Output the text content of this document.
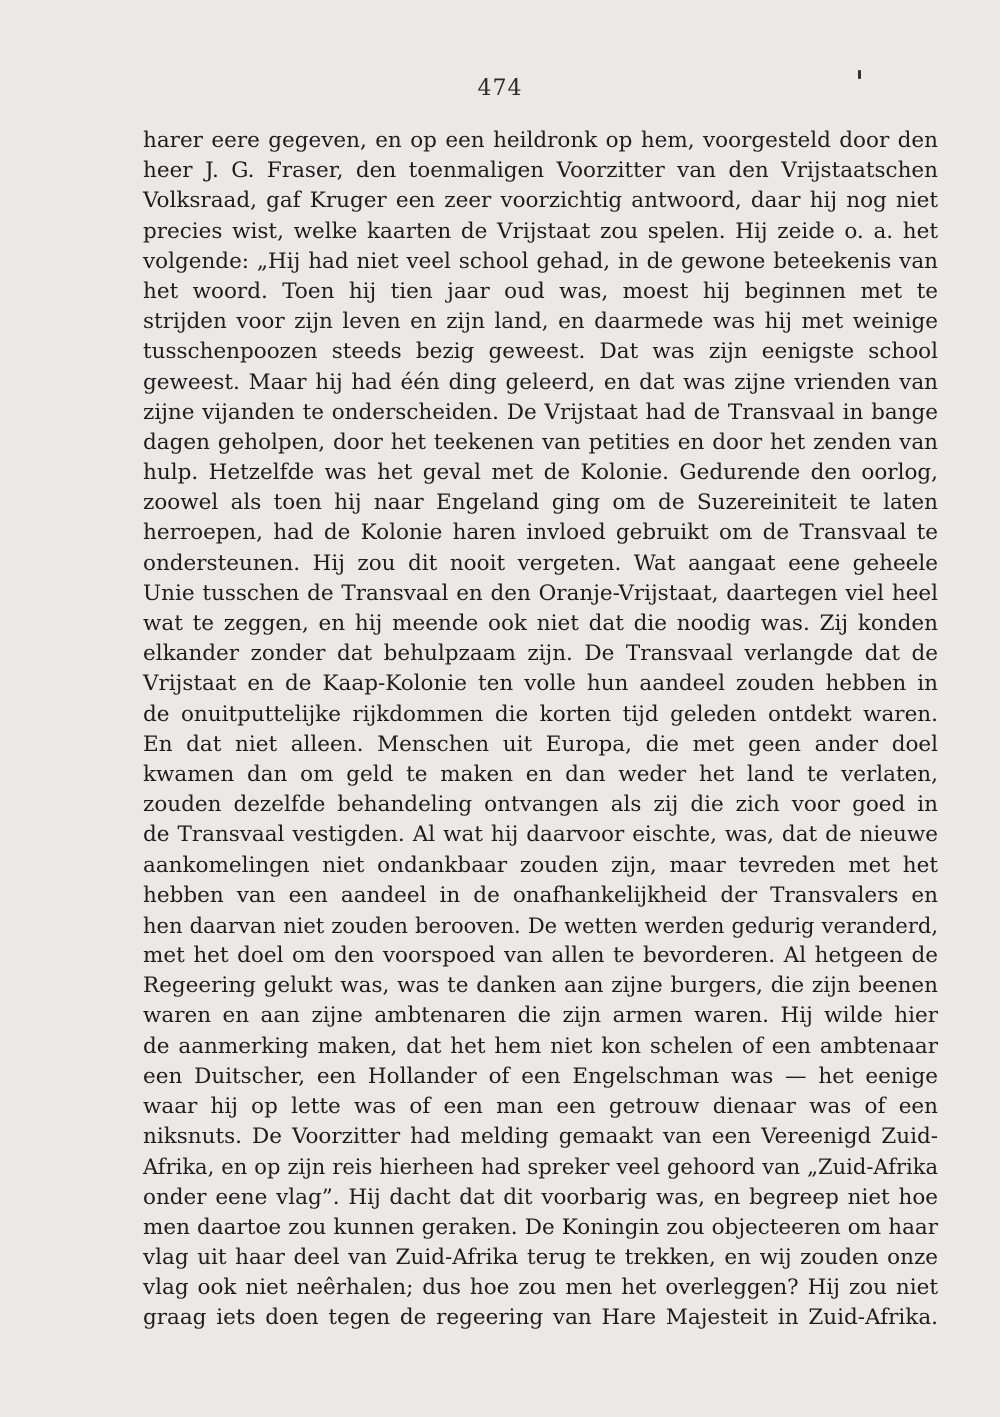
474
harer eere gegeven, en op een heildronk op hem, voorgesteld door den
heer J. G. Fraser, den toenmaligen Voorzitter van den Vrijstaatschen
Volksraad, gaf Kruger een zeer voorzichtig antwoord, daar hij nog niet
precies wist, welke kaarten de Vrijstaat zou spelen. Hij zeide o. a. het
volgende: „Hij had niet veel school gehad, in de gewone beteekenis van
het woord. Toen hij tien jaar oud was, moest hij beginnen met te
strijden voor zijn leven en zijn land, en daarmede was hij met weinige
tusschenpoozen steeds bezig geweest. Dat was zijn eenigste school
geweest. Maar hij had één ding geleerd, en dat was zijne vrienden van
zijne vijanden te onderscheiden. De Vrijstaat had de Transvaal in bange
dagen geholpen, door het teekenen van petities en door het zenden van
hulp. Hetzelfde was het geval met de Kolonie. Gedurende den oorlog,
zoowel als toen hij naar Engeland ging om de Suzereiniteit te laten
herroepen, had de Kolonie haren invloed gebruikt om de Transvaal te
ondersteunen. Hij zou dit nooit vergeten. Wat aangaat eene geheele
Unie tusschen de Transvaal en den Oranje-Vrijstaat, daartegen viel heel
wat te zeggen, en hij meende ook niet dat die noodig was. Zij konden
elkander zonder dat behulpzaam zijn. De Transvaal verlangde dat de
Vrijstaat en de Kaap-Kolonie ten volle hun aandeel zouden hebben in
de onuitputtelijke rijkdommen die korten tijd geleden ontdekt waren.
En dat niet alleen. Menschen uit Europa, die met geen ander doel
kwamen dan om geld te maken en dan weder het land te verlaten,
zouden dezelfde behandeling ontvangen als zij die zich voor goed in
de Transvaal vestigden. Al wat hij daarvoor eischte, was, dat de nieuwe
aankomelingen niet ondankbaar zouden zijn, maar tevreden met het
hebben van een aandeel in de onafhankelijkheid der Transvalers en
hen daarvan niet zouden berooven. De wetten werden gedurig veranderd,
met het doel om den voorspoed van allen te bevorderen. Al hetgeen de
Regeering gelukt was, was te danken aan zijne burgers, die zijn beenen
waren en aan zijne ambtenaren die zijn armen waren. Hij wilde hier
de aanmerking maken, dat het hem niet kon schelen of een ambtenaar
een Duitscher, een Hollander of een Engelschman was — het eenige
waar hij op lette was of een man een getrouw dienaar was of een
niksnuts. De Voorzitter had melding gemaakt van een Vereenigd Zuid-
Afrika, en op zijn reis hierheen had spreker veel gehoord van „Zuid-Afrika
onder eene vlag”. Hij dacht dat dit voorbarig was, en begreep niet hoe
men daartoe zou kunnen geraken. De Koningin zou objecteeren om haar
vlag uit haar deel van Zuid-Afrika terug te trekken, en wij zouden onze
vlag ook niet neêrhalen; dus hoe zou men het overleggen? Hij zou niet
graag iets doen tegen de regeering van Hare Majesteit in Zuid-Afrika.
